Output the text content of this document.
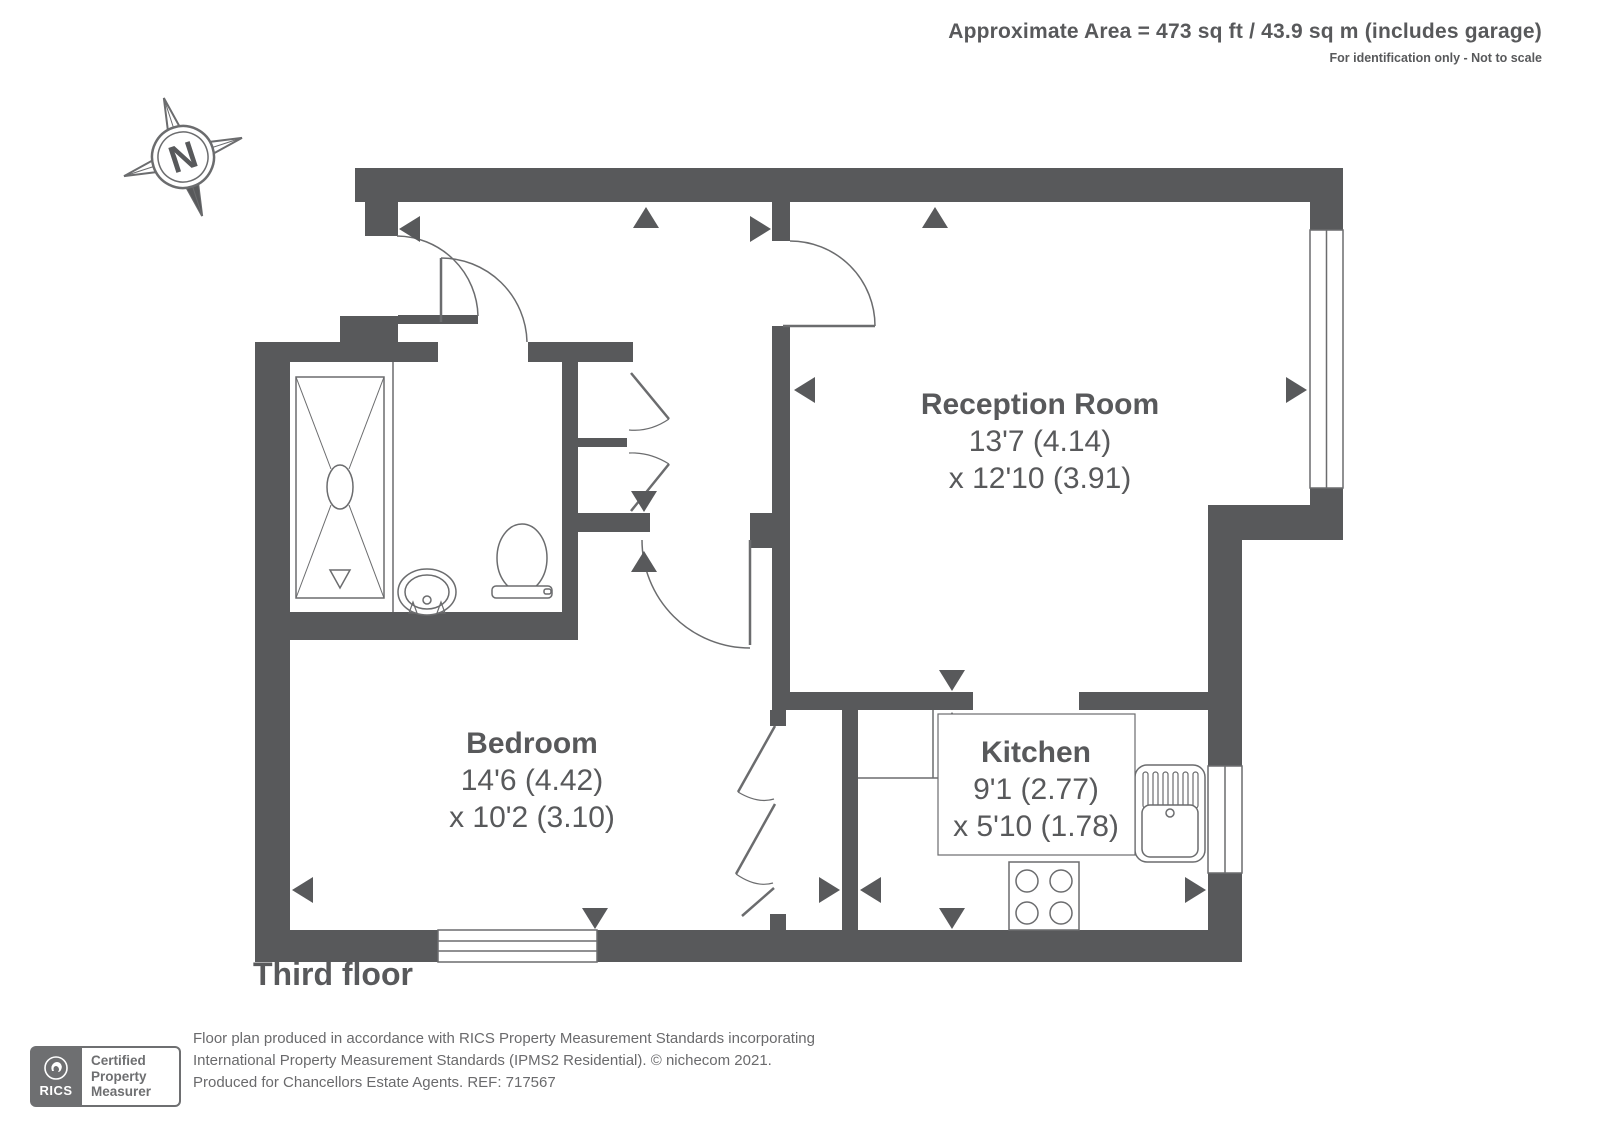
N
Reception Room
13'7 (4.14)
x 12'10 (3.91)
Bedroom
14'6 (4.42)
x 10'2 (3.10)
Kitchen
9'1 (2.77)
x 5'10 (1.78)
Approximate Area = 473 sq ft / 43.9 sq m (includes garage)
For identification only - Not to scale
Third floor
RICS
Certified
Property
Measurer
Floor plan produced in accordance with RICS Property Measurement Standards incorporating
International Property Measurement Standards (IPMS2 Residential). © nichecom 2021.
Produced for Chancellors Estate Agents. REF: 717567
